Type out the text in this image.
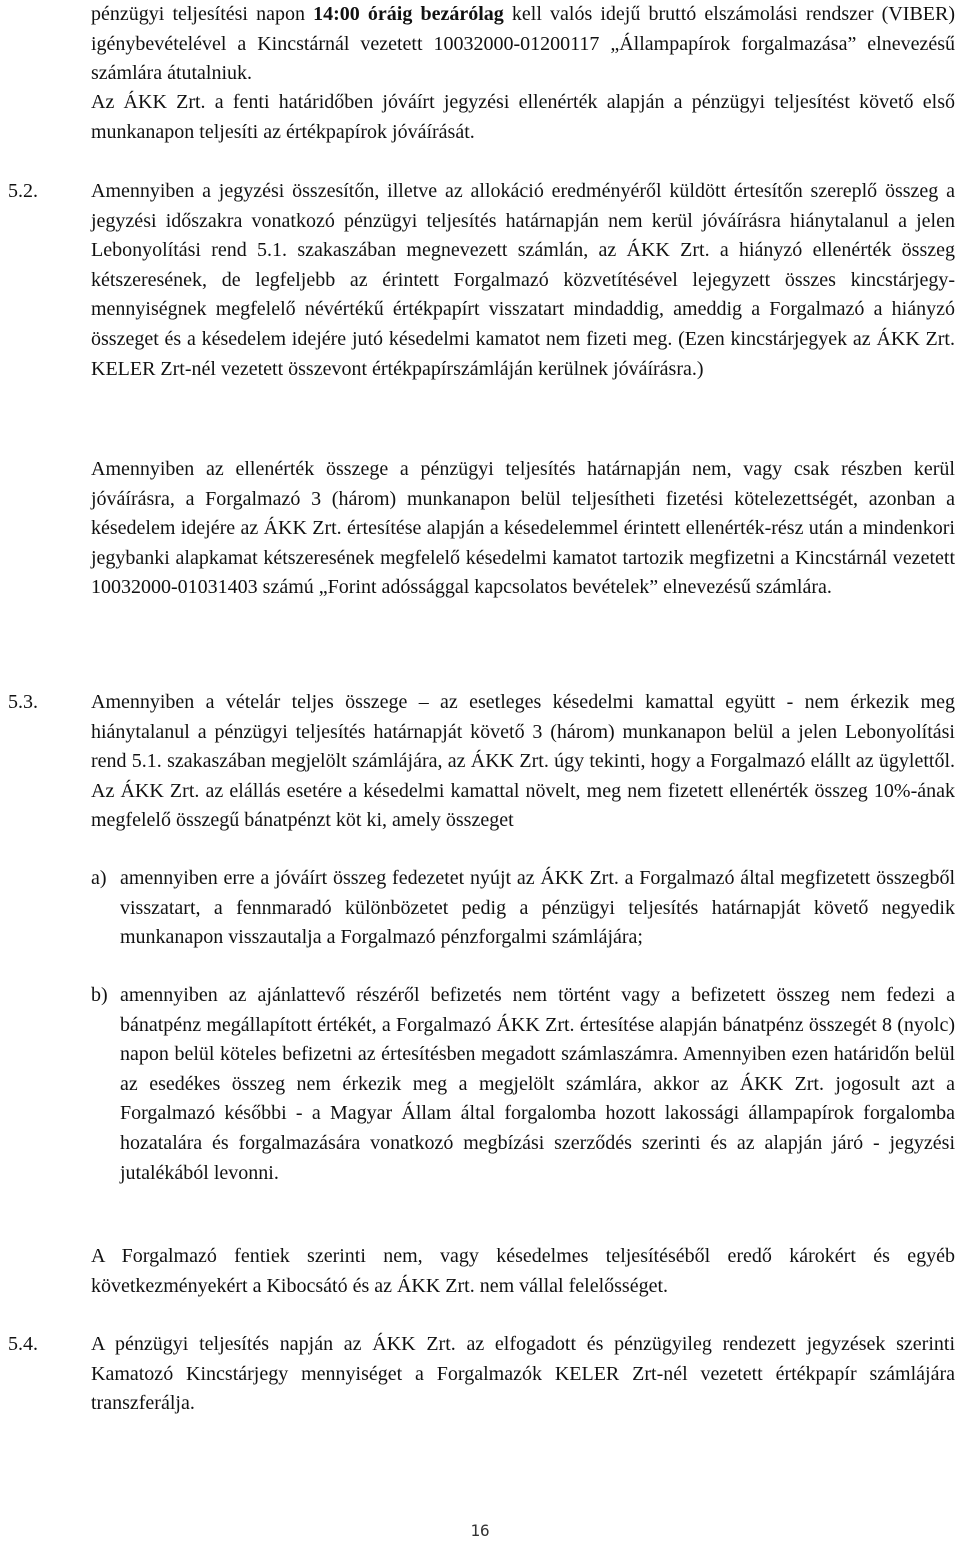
pénzügyi teljesítési napon 14:00 óráig bezárólag kell valós idejű bruttó elszámolási rendszer (VIBER) igénybevételével a Kincstárnál vezetett 10032000-01200117 „Állampapírok forgalmazása” elnevezésű számlára átutalniuk.

Az ÁKK Zrt. a fenti határidőben jóváírt jegyzési ellenérték alapján a pénzügyi teljesítést követő első munkanapon teljesíti az értékpapírok jóváírását.

5.2.	Amennyiben a jegyzési összesítőn, illetve az allokáció eredményéről küldött értesítőn szereplő összeg a jegyzési időszakra vonatkozó pénzügyi teljesítés határnapján nem kerül jóváírásra hiánytalanul a jelen Lebonyolítási rend 5.1. szakaszában megnevezett számlán, az ÁKK Zrt. a hiányzó ellenérték összeg kétszeresének, de legfeljebb az érintett Forgalmazó közvetítésével lejegyzett összes kincstárjegy-mennyiségnek megfelelő névértékű értékpapírt visszatart mindaddig, ameddig a Forgalmazó a hiányzó összeget és a késedelem idejére jutó késedelmi kamatot nem fizeti meg. (Ezen kincstárjegyek az ÁKK Zrt. KELER Zrt-nél vezetett összevont értékpapírszámláján kerülnek jóváírásra.)

Amennyiben az ellenérték összege a pénzügyi teljesítés határnapján nem, vagy csak részben kerül jóváírásra, a Forgalmazó 3 (három) munkanapon belül teljesítheti fizetési kötelezettségét, azonban a késedelem idejére az ÁKK Zrt. értesítése alapján a késedelemmel érintett ellenérték-rész után a mindenkori jegybanki alapkamat kétszeresének megfelelő késedelmi kamatot tartozik megfizetni a Kincstárnál vezetett 10032000-01031403 számú „Forint adóssággal kapcsolatos bevételek” elnevezésű számlára.

5.3.	Amennyiben a vételár teljes összege – az esetleges késedelmi kamattal együtt - nem érkezik meg hiánytalanul a pénzügyi teljesítés határnapját követő 3 (három) munkanapon belül a jelen Lebonyolítási rend 5.1. szakaszában megjelölt számlájára, az ÁKK Zrt. úgy tekinti, hogy a Forgalmazó elállt az ügylettől. Az ÁKK Zrt. az elállás esetére a késedelmi kamattal növelt, meg nem fizetett ellenérték összeg 10%-ának megfelelő összegű bánatpénzt köt ki, amely összeget

a) amennyiben erre a jóváírt összeg fedezetet nyújt az ÁKK Zrt. a Forgalmazó által megfizetett összegből visszatart, a fennmaradó különbözetet pedig a pénzügyi teljesítés határnapját követő negyedik munkanapon visszautalja a Forgalmazó pénzforgalmi számlájára;

b) amennyiben az ajánlattevő részéről befizetés nem történt vagy a befizetett összeg nem fedezi a bánatpénz megállapított értékét, a Forgalmazó ÁKK Zrt. értesítése alapján bánatpénz összegét 8 (nyolc) napon belül köteles befizetni az értesítésben megadott számlaszámra. Amennyiben ezen határidőn belül az esedékes összeg nem érkezik meg a megjelölt számlára, akkor az ÁKK Zrt. jogosult azt a Forgalmazó későbbi - a Magyar Állam által forgalomba hozott lakossági állampapírok forgalomba hozatalára és forgalmazására vonatkozó megbízási szerződés szerinti és az alapján járó - jegyzési jutalékából levonni.

A Forgalmazó fentiek szerinti nem, vagy késedelmes teljesítéséből eredő károkért és egyéb következményekért a Kibocsátó és az ÁKK Zrt. nem vállal felelősséget.

5.4.	A pénzügyi teljesítés napján az ÁKK Zrt. az elfogadott és pénzügyileg rendezett jegyzések szerinti Kamatozó Kincstárjegy mennyiséget a Forgalmazók KELER Zrt-nél vezetett értékpapír számlájára transzferálja.

16
